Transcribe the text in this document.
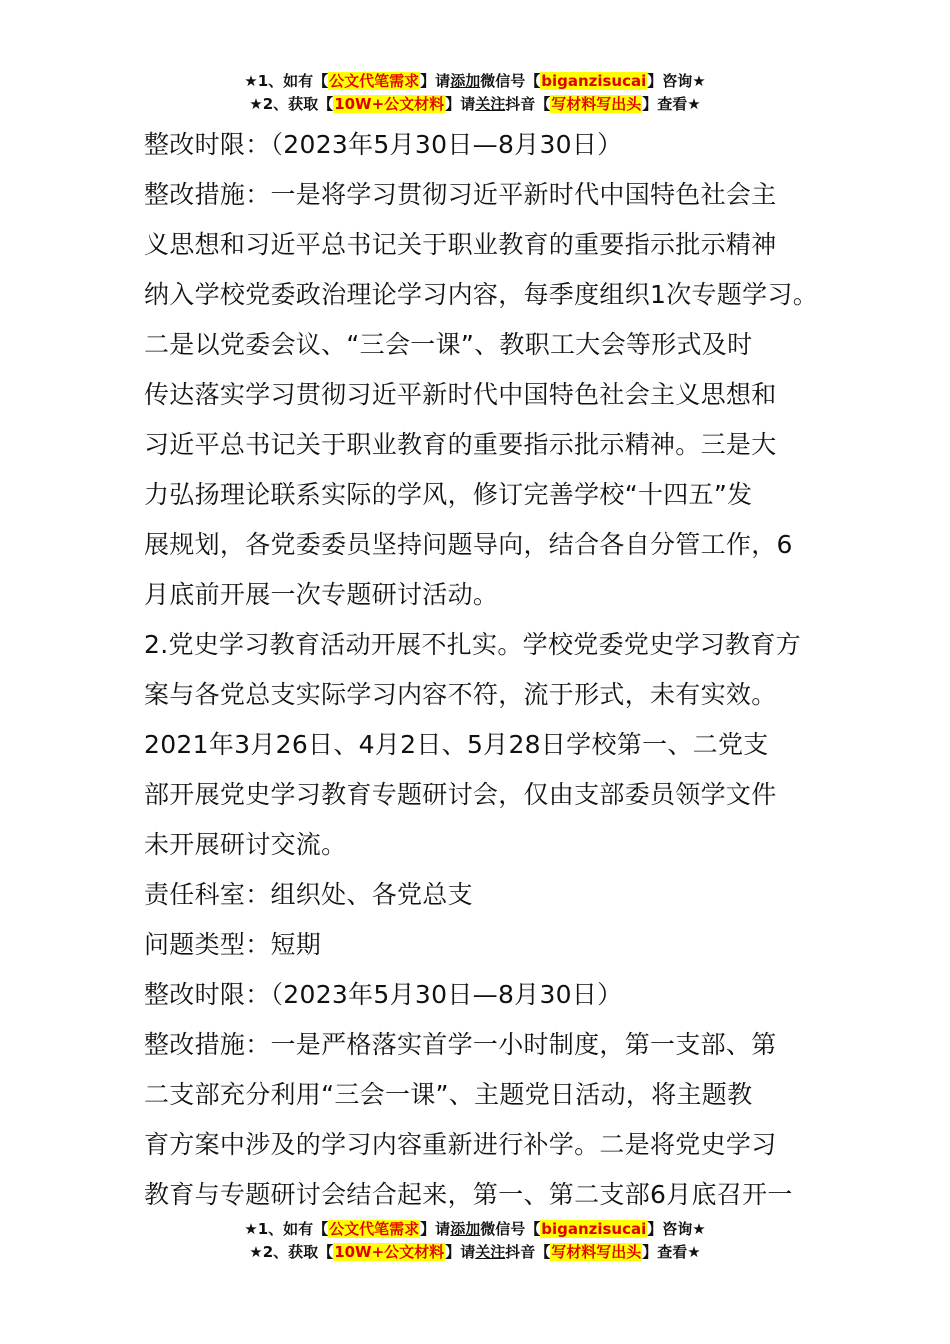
★1、如有【公文代笔需求】请添加微信号【biganzisucai】咨询★
★2、获取【10W+公文材料】请关注抖音【写材料写出头】查看★

整改时限：（2023年5月30日—8月30日）

整改措施：一是将学习贯彻习近平新时代中国特色社会主

义思想和习近平总书记关于职业教育的重要指示批示精神

纳入学校党委政治理论学习内容，每季度组织1次专题学习。

二是以党委会议、“三会一课”、教职工大会等形式及时

传达落实学习贯彻习近平新时代中国特色社会主义思想和

习近平总书记关于职业教育的重要指示批示精神。三是大

力弘扬理论联系实际的学风，修订完善学校“十四五”发

展规划，各党委委员坚持问题导向，结合各自分管工作，6

月底前开展一次专题研讨活动。

2.党史学习教育活动开展不扎实。学校党委党史学习教育方

案与各党总支实际学习内容不符，流于形式，未有实效。

2021年3月26日、4月2日、5月28日学校第一、二党支

部开展党史学习教育专题研讨会，仅由支部委员领学文件

未开展研讨交流。

责任科室：组织处、各党总支

问题类型：短期

整改时限：（2023年5月30日—8月30日）

整改措施：一是严格落实首学一小时制度，第一支部、第

二支部充分利用“三会一课”、主题党日活动，将主题教

育方案中涉及的学习内容重新进行补学。二是将党史学习

教育与专题研讨会结合起来，第一、第二支部6月底召开一

★1、如有【公文代笔需求】请添加微信号【biganzisucai】咨询★
★2、获取【10W+公文材料】请关注抖音【写材料写出头】查看★
